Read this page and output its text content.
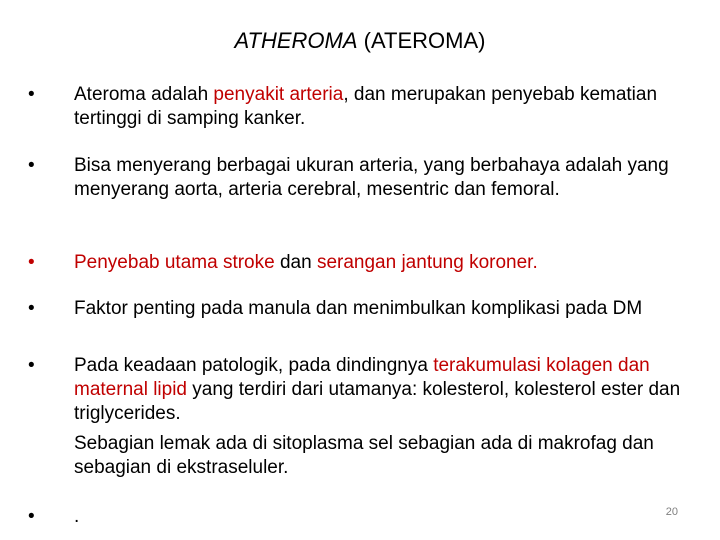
ATHEROMA (ATEROMA)
•	Ateroma adalah penyakit arteria, dan merupakan penyebab kematian tertinggi di samping kanker.
•	Bisa menyerang berbagai ukuran arteria, yang berbahaya adalah yang menyerang aorta, arteria cerebral, mesentric dan femoral.
•	Penyebab utama stroke dan serangan jantung koroner.
•	Faktor penting pada manula dan menimbulkan komplikasi pada DM
•	Pada keadaan patologik, pada dindingnya terakumulasi kolagen dan maternal lipid yang terdiri dari utamanya: kolesterol, kolesterol ester dan triglycerides.
Sebagian lemak ada di sitoplasma sel sebagian ada di makrofag dan sebagian di ekstraseluler.
•	.	20
